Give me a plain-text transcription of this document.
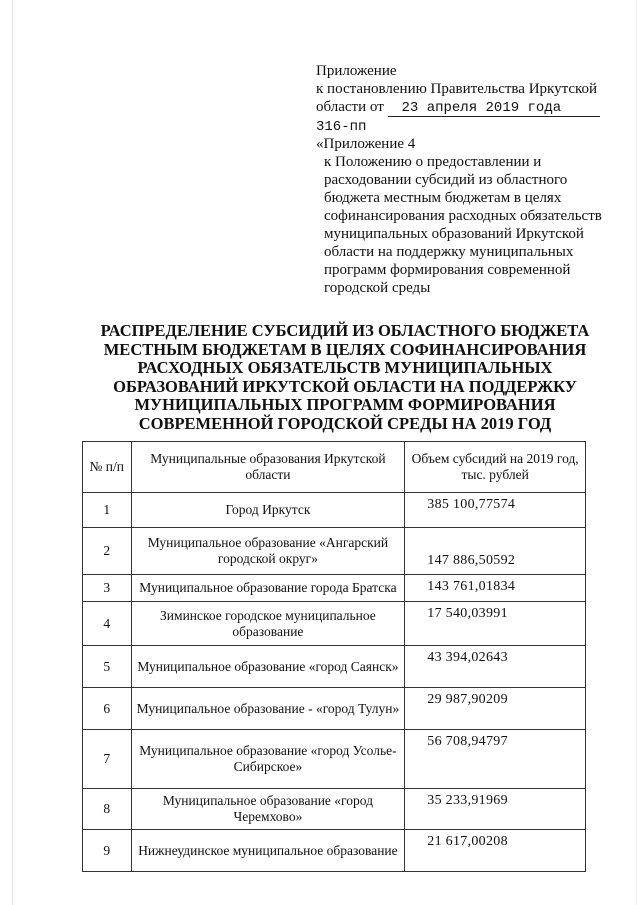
Приложение
к постановлению Правительства Иркутской
области от 23 апреля 2019 года
316-пп
«Приложение 4
к Положению о предоставлении и
расходовании субсидий из областного
бюджета местным бюджетам в целях
софинансирования расходных обязательств
муниципальных образований Иркутской
области на поддержку муниципальных
программ формирования современной
городской среды
РАСПРЕДЕЛЕНИЕ СУБСИДИЙ ИЗ ОБЛАСТНОГО БЮДЖЕТА
МЕСТНЫМ БЮДЖЕТАМ В ЦЕЛЯХ СОФИНАНСИРОВАНИЯ
РАСХОДНЫХ ОБЯЗАТЕЛЬСТВ МУНИЦИПАЛЬНЫХ
ОБРАЗОВАНИЙ ИРКУТСКОЙ ОБЛАСТИ НА ПОДДЕРЖКУ
МУНИЦИПАЛЬНЫХ ПРОГРАММ ФОРМИРОВАНИЯ
СОВРЕМЕННОЙ ГОРОДСКОЙ СРЕДЫ НА 2019 ГОД
№ п/п	Муниципальные образования Иркутской области	Объем субсидий на 2019 год, тыс. рублей
1	Город Иркутск	385 100,77574
2	Муниципальное образование «Ангарский городской округ»	147 886,50592
3	Муниципальное образование города Братска	143 761,01834
4	Зиминское городское муниципальное образование	17 540,03991
5	Муниципальное образование «город Саянск»	43 394,02643
6	Муниципальное образование - «город Тулун»	29 987,90209
7	Муниципальное образование «город Усолье-Сибирское»	56 708,94797
8	Муниципальное образование «город Черемхово»	35 233,91969
9	Нижнеудинское муниципальное образование	21 617,00208
